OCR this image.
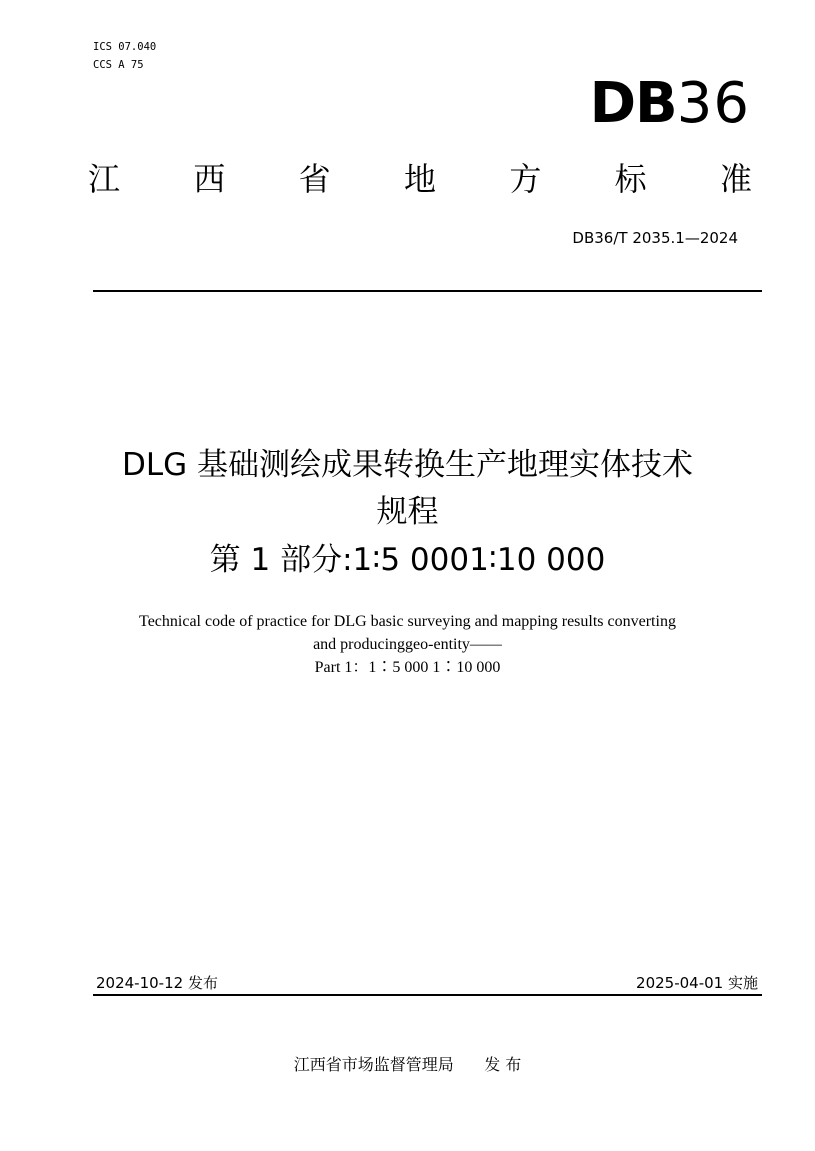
ICS 07.040
CCS A 75
DB36
江 西 省 地 方 标 准
DB36/T 2035.1—2024
DLG 基础测绘成果转换生产地理实体技术
规程
第 1 部分:1∶5 0001∶10 000
Technical code of practice for DLG basic surveying and mapping results converting
and producinggeo-entity——
Part 1：1∶5 000 1∶10 000
2024-10-12 发布	2025-04-01 实施
江西省市场监督管理局      发 布
